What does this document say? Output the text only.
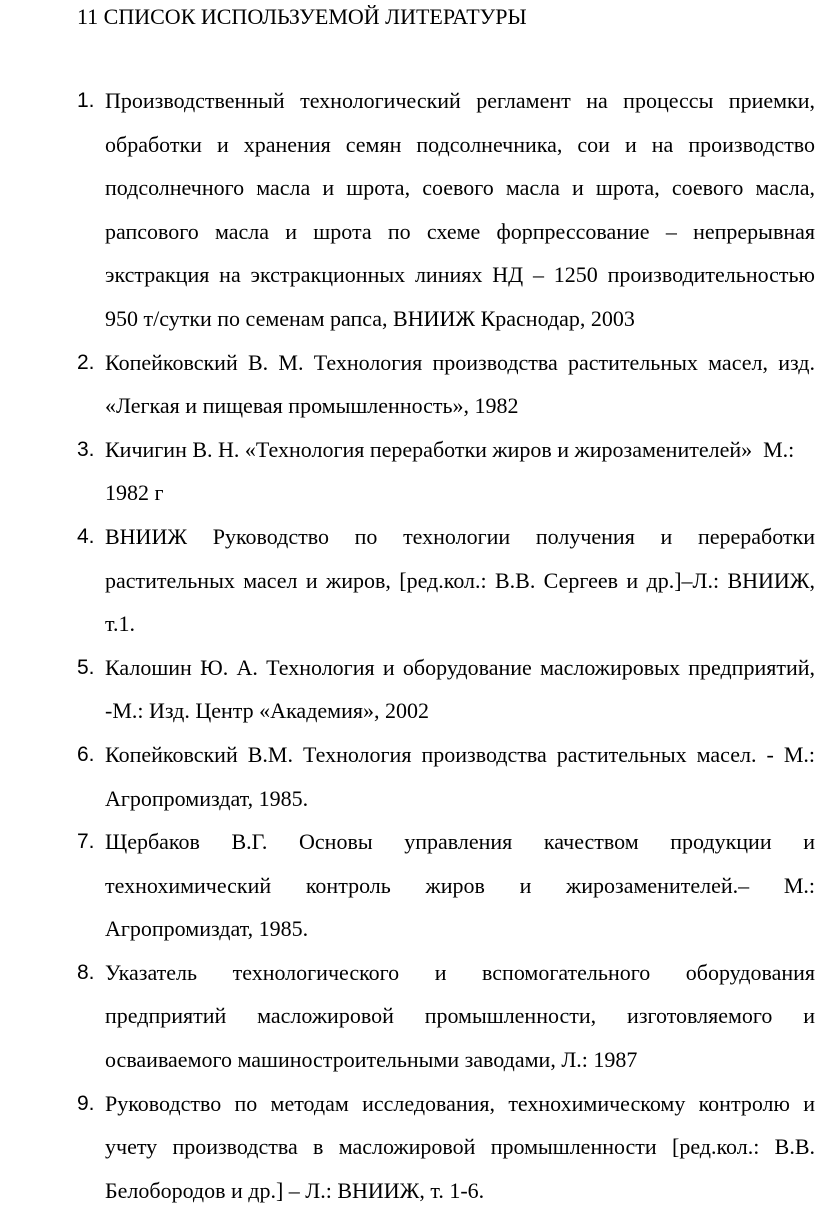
11 СПИСОК ИСПОЛЬЗУЕМОЙ ЛИТЕРАТУРЫ
1. Производственный технологический регламент на процессы приемки, обработки и хранения семян подсолнечника, сои и на производство подсолнечного масла и шрота, соевого масла и шрота, соевого масла, рапсового масла и шрота по схеме форпрессование – непрерывная экстракция на экстракционных линиях НД – 1250 производительностью 950 т/сутки по семенам рапса, ВНИИЖ Краснодар, 2003
2. Копейковский В. М. Технология производства растительных масел, изд. «Легкая и пищевая промышленность», 1982
3. Кичигин В. Н. «Технология переработки жиров и жирозаменителей»  М.:  1982 г
4. ВНИИЖ Руководство по технологии получения и переработки растительных масел и жиров, [ред.кол.: В.В. Сергеев и др.]–Л.: ВНИИЖ, т.1.
5. Калошин Ю. А. Технология и оборудование масложировых предприятий, -М.: Изд. Центр «Академия», 2002
6. Копейковский В.М. Технология производства растительных масел. - М.: Агропромиздат, 1985.
7. Щербаков В.Г. Основы управления качеством продукции и технохимический контроль жиров и жирозаменителей.– М.: Агропромиздат, 1985.
8. Указатель технологического и вспомогательного оборудования предприятий масложировой промышленности, изготовляемого и осваиваемого машиностроительными заводами, Л.: 1987
9. Руководство по методам исследования, технохимическому контролю и учету производства в масложировой промышленности [ред.кол.: В.В. Белобородов и др.] – Л.: ВНИИЖ, т. 1-6.
